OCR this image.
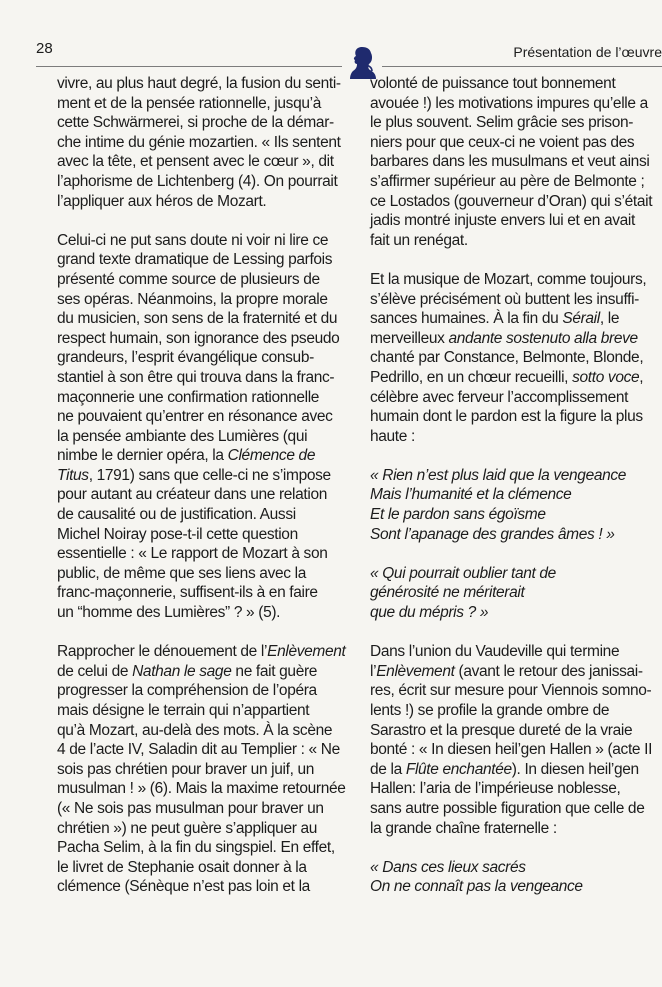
28	Présentation de l’œuvre

vivre, au plus haut degré, la fusion du senti-
ment et de la pensée rationnelle, jusqu’à
cette Schwärmerei, si proche de la démar-
che intime du génie mozartien. « Ils sentent
avec la tête, et pensent avec le cœur », dit
l’aphorisme de Lichtenberg (4). On pourrait
l’appliquer aux héros de Mozart.

Celui-ci ne put sans doute ni voir ni lire ce
grand texte dramatique de Lessing parfois
présenté comme source de plusieurs de
ses opéras. Néanmoins, la propre morale
du musicien, son sens de la fraternité et du
respect humain, son ignorance des pseudo
grandeurs, l’esprit évangélique consub-
stantiel à son être qui trouva dans la franc-
maçonnerie une confirmation rationnelle
ne pouvaient qu’entrer en résonance avec
la pensée ambiante des Lumières (qui
nimbe le dernier opéra, la Clémence de
Titus, 1791) sans que celle-ci ne s’impose
pour autant au créateur dans une relation
de causalité ou de justification. Aussi
Michel Noiray pose-t-il cette question
essentielle : « Le rapport de Mozart à son
public, de même que ses liens avec la
franc-maçonnerie, suffisent-ils à en faire
un “homme des Lumières” ? » (5).

Rapprocher le dénouement de l’Enlèvement
de celui de Nathan le sage ne fait guère
progresser la compréhension de l’opéra
mais désigne le terrain qui n’appartient
qu’à Mozart, au-delà des mots. À la scène
4 de l’acte IV, Saladin dit au Templier : « Ne
sois pas chrétien pour braver un juif, un
musulman ! » (6). Mais la maxime retournée
(« Ne sois pas musulman pour braver un
chrétien ») ne peut guère s’appliquer au
Pacha Selim, à la fin du singspiel. En effet,
le livret de Stephanie osait donner à la
clémence (Sénèque n’est pas loin et la

volonté de puissance tout bonnement
avouée !) les motivations impures qu’elle a
le plus souvent. Selim grâcie ses prison-
niers pour que ceux-ci ne voient pas des
barbares dans les musulmans et veut ainsi
s’affirmer supérieur au père de Belmonte ;
ce Lostados (gouverneur d’Oran) qui s’était
jadis montré injuste envers lui et en avait
fait un renégat.

Et la musique de Mozart, comme toujours,
s’élève précisément où buttent les insuffi-
sances humaines. À la fin du Sérail, le
merveilleux andante sostenuto alla breve
chanté par Constance, Belmonte, Blonde,
Pedrillo, en un chœur recueilli, sotto voce,
célèbre avec ferveur l’accomplissement
humain dont le pardon est la figure la plus
haute :

« Rien n’est plus laid que la vengeance
Mais l’humanité et la clémence
Et le pardon sans égoïsme
Sont l’apanage des grandes âmes ! »

« Qui pourrait oublier tant de
générosité ne mériterait
que du mépris ? »

Dans l’union du Vaudeville qui termine
l’Enlèvement (avant le retour des janissai-
res, écrit sur mesure pour Viennois somno-
lents !) se profile la grande ombre de
Sarastro et la presque dureté de la vraie
bonté : « In diesen heil’gen Hallen » (acte II
de la Flûte enchantée). In diesen heil’gen
Hallen: l’aria de l’impérieuse noblesse,
sans autre possible figuration que celle de
la grande chaîne fraternelle :

« Dans ces lieux sacrés
On ne connaît pas la vengeance
